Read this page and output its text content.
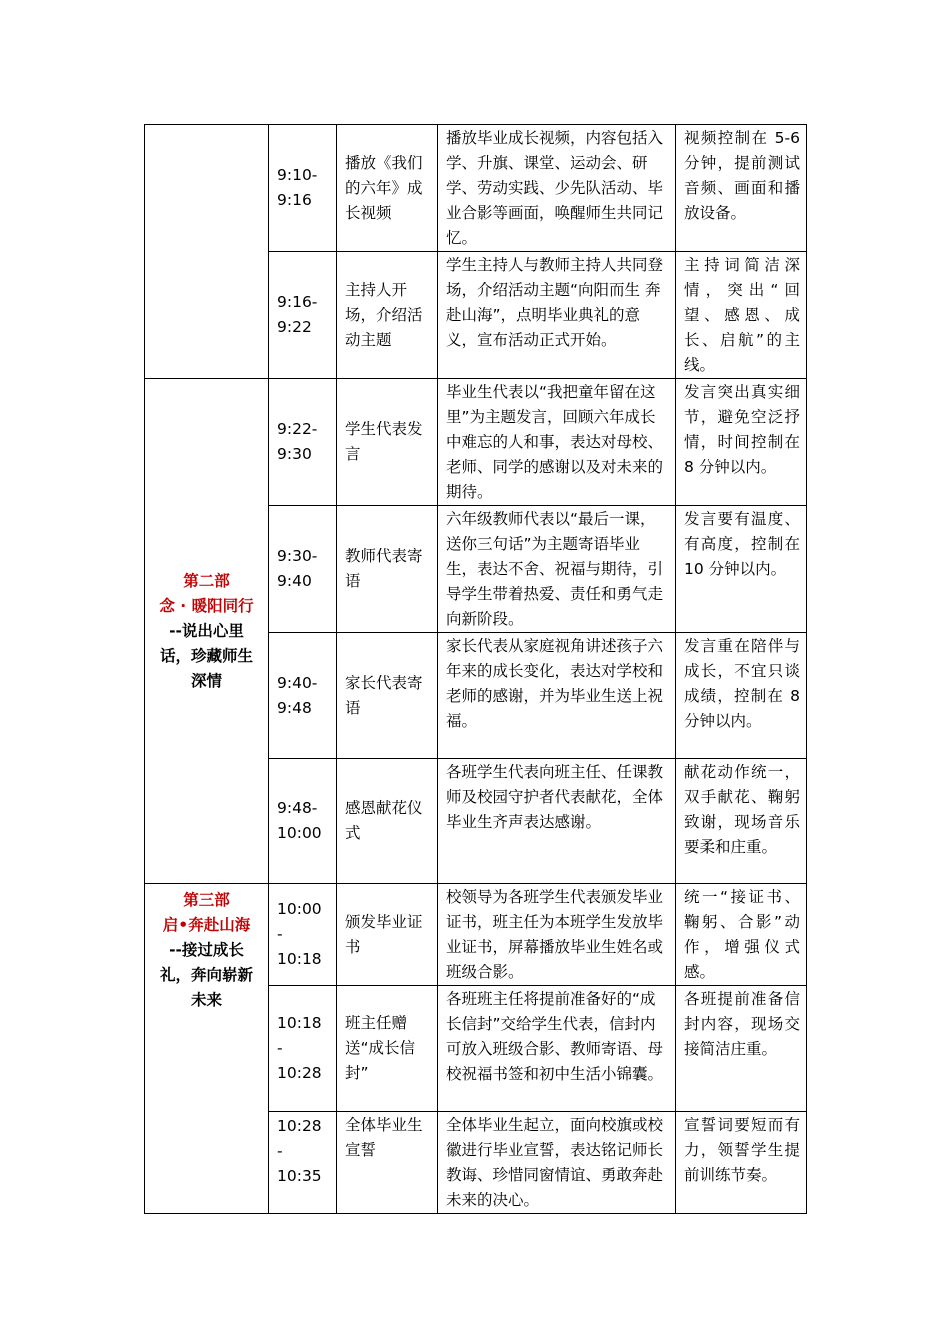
	9:10-
9:16	播放《我们的六年》成长视频	播放毕业成长视频，内容包括入学、升旗、课堂、运动会、研学、劳动实践、少先队活动、毕业合影等画面，唤醒师生共同记忆。	视频控制在 5-6 分钟，提前测试音频、画面和播放设备。

	9:16-
9:22	主持人开场，介绍活动主题	学生主持人与教师主持人共同登场，介绍活动主题“向阳而生 奔赴山海”，点明毕业典礼的意义，宣布活动正式开始。	主持词简洁深情，突出“回望、感恩、成长、启航”的主线。

第二部
念 · 暖阳同行
--说出心里话，珍藏师生深情	9:22-
9:30	学生代表发言	毕业生代表以“我把童年留在这里”为主题发言，回顾六年成长中难忘的人和事，表达对母校、老师、同学的感谢以及对未来的期待。	发言突出真实细节，避免空泛抒情，时间控制在 8 分钟以内。

	9:30-
9:40	教师代表寄语	六年级教师代表以“最后一课，送你三句话”为主题寄语毕业生，表达不舍、祝福与期待，引导学生带着热爱、责任和勇气走向新阶段。	发言要有温度、有高度，控制在 10 分钟以内。

	9:40-
9:48	家长代表寄语	家长代表从家庭视角讲述孩子六年来的成长变化，表达对学校和老师的感谢，并为毕业生送上祝福。	发言重在陪伴与成长，不宜只谈成绩，控制在 8 分钟以内。

	9:48-
10:00	感恩献花仪式	各班学生代表向班主任、任课教师及校园守护者代表献花，全体毕业生齐声表达感谢。	献花动作统一，双手献花、鞠躬致谢，现场音乐要柔和庄重。

第三部
启•奔赴山海
--接过成长礼，奔向崭新未来	10:00
-
10:18	颁发毕业证书	校领导为各班学生代表颁发毕业证书，班主任为本班学生发放毕业证书，屏幕播放毕业生姓名或班级合影。	统一“接证书、鞠躬、合影”动作，增强仪式感。

	10:18
-
10:28	班主任赠送“成长信封”	各班班主任将提前准备好的“成长信封”交给学生代表，信封内可放入班级合影、教师寄语、母校祝福书签和初中生活小锦囊。	各班提前准备信封内容，现场交接简洁庄重。

	10:28
-
10:35	全体毕业生宣誓	全体毕业生起立，面向校旗或校徽进行毕业宣誓，表达铭记师长教诲、珍惜同窗情谊、勇敢奔赴未来的决心。	宣誓词要短而有力，领誓学生提前训练节奏。
